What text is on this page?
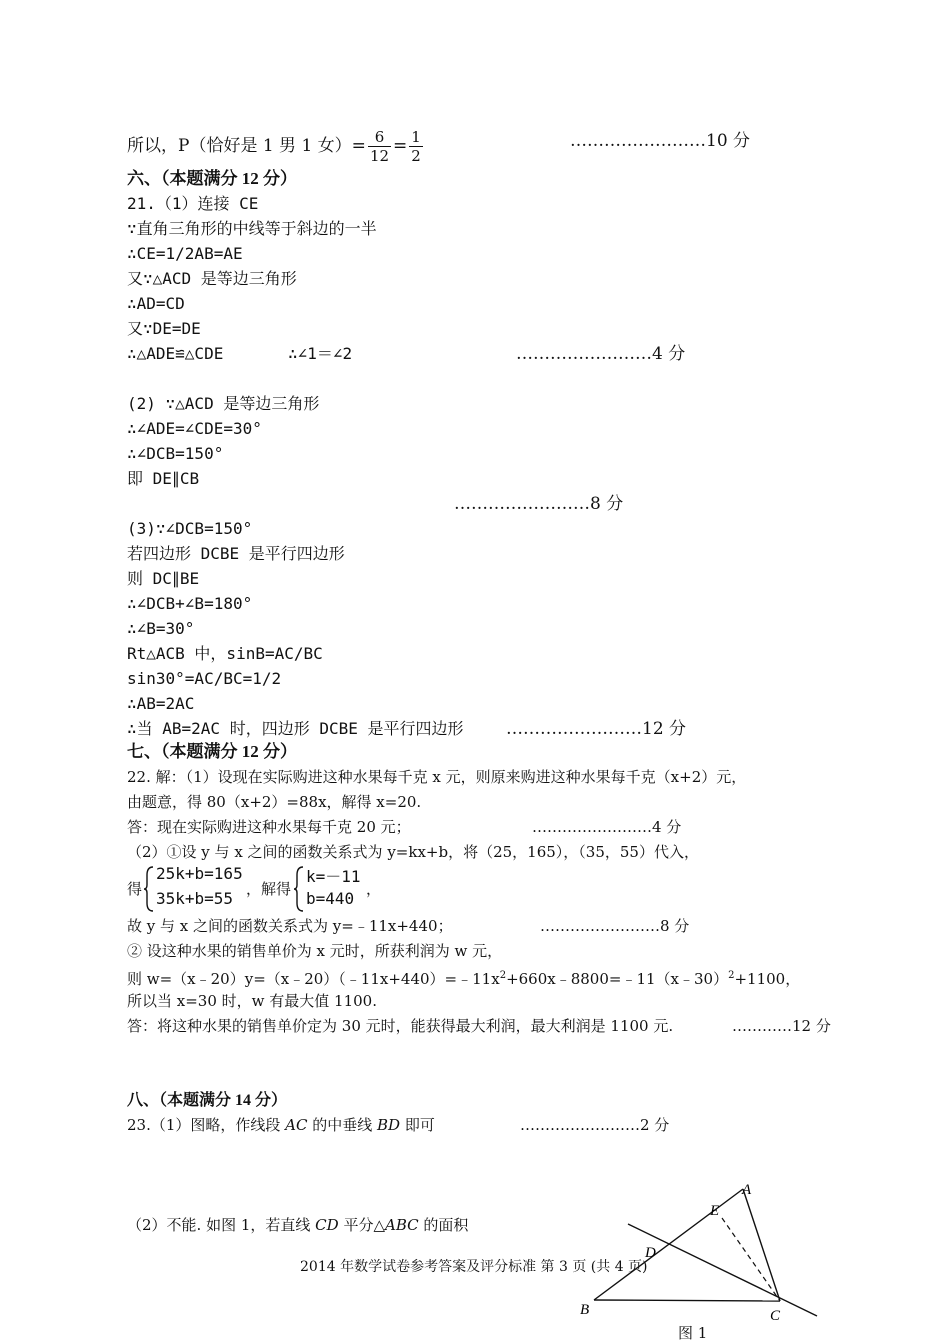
所以，P（恰好是 1 男 1 女）= $\frac{6}{12} = \frac{1}{2}$	……………………10 分
六、（本题满分 12 分）
21.（1）连接 CE
∵直角三角形的中线等于斜边的一半
∴CE=1/2AB=AE
又∵△ACD 是等边三角形
∴AD=CD
又∵DE=DE
∴△ADE≌△CDE	∴∠1＝∠2	……………………4 分
(2) ∵△ACD 是等边三角形
∴∠ADE=∠CDE=30°
∴∠DCB=150°
即 DE∥CB
……………………8 分
(3)∵∠DCB=150°
若四边形 DCBE 是平行四边形
则 DC∥BE
∴∠DCB+∠B=180°
∴∠B=30°
Rt△ACB 中，sinB=AC/BC
sin30°=AC/BC=1/2
∴AB=2AC
∴当 AB=2AC 时，四边形 DCBE 是平行四边形	……………………12 分
七、（本题满分 12 分）
22. 解：（1）设现在实际购进这种水果每千克 x 元，则原来购进这种水果每千克（x+2）元，
由题意，得 80（x+2）=88x，解得 x=20.
答：现在实际购进这种水果每千克 20 元；	……………………4 分
（2）①设 y 与 x 之间的函数关系式为 y=kx+b，将（25，165），（35，55）代入，
得
25k+b=165
35k+b=55 ，解得
k=－11
b=440 ，
故 y 与 x 之间的函数关系式为 y=﹣11x+440；	……………………8 分
② 设这种水果的销售单价为 x 元时，所获利润为 w 元，
则 $w=(x﹣20)y=(x﹣20)(﹣11x+440)=﹣11x^2+660x﹣8800=﹣11(x﹣30)^2+1100$，
所以当 x=30 时，w 有最大值 1100.
答：将这种水果的销售单价定为 30 元时，能获得最大利润，最大利润是 1100 元.	…………12 分
八、（本题满分 14 分）
23.（1）图略，作线段 AC 的中垂线 BD 即可	……………………2 分
（2）不能. 如图 1，若直线 CD 平分△ABC 的面积
A
B	C
D
E
图 1
2014 年数学试卷参考答案及评分标准 第 3 页 (共 4 页)
